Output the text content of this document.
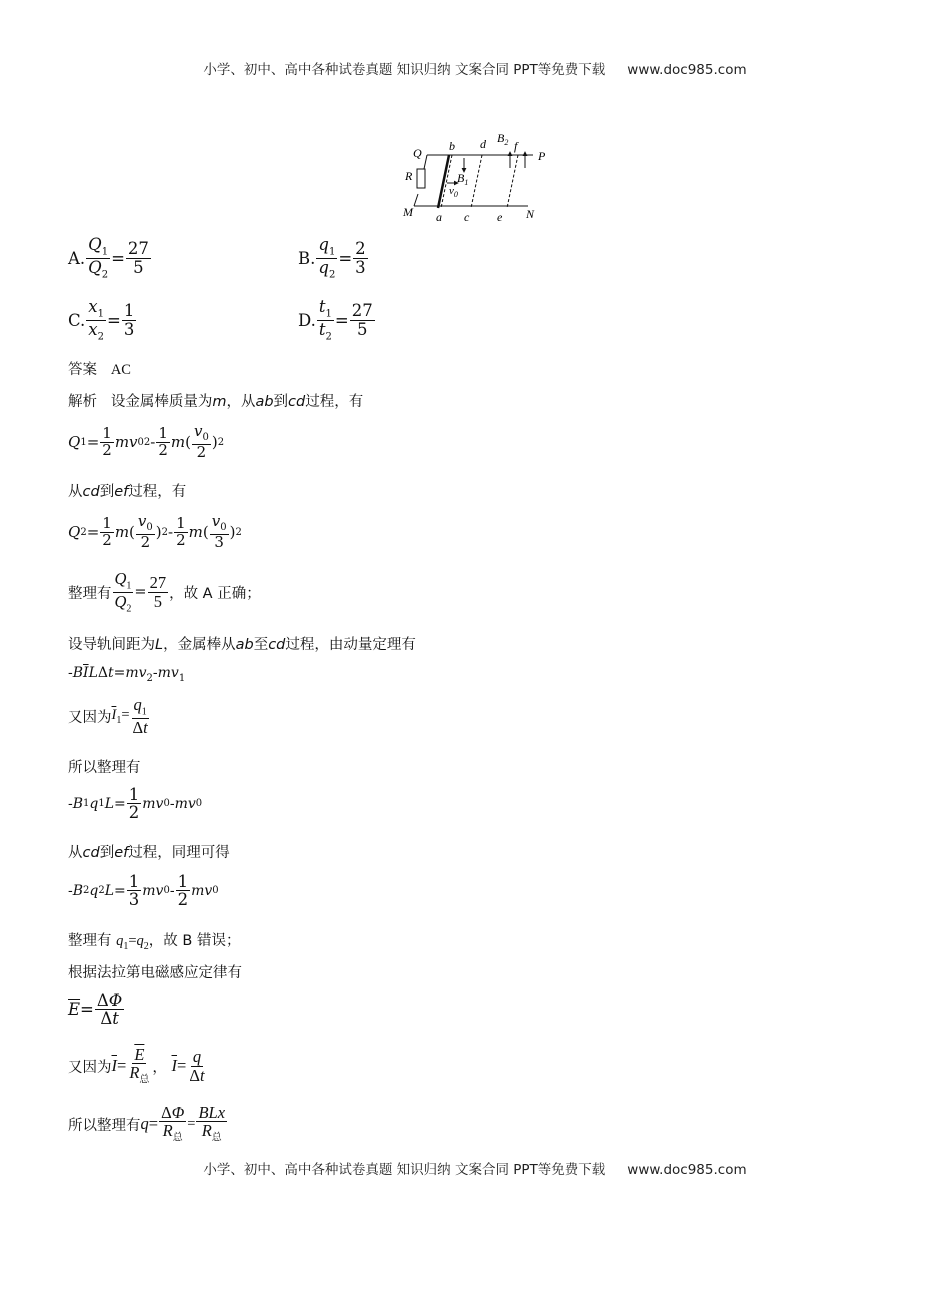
小学、初中、高中各种试卷真题 知识归纳 文案合同 PPT等免费下载 www.doc985.com
Q	P
M	N
R
a
b
c
d
e
f
$B_1$
$B_2$
$v_0$
A. $\frac{Q_1}{Q_2} = \frac{27}{5}$	B. $\frac{q_1}{q_2} = \frac{2}{3}$
C. $\frac{x_1}{x_2} = \frac{1}{3}$	D. $\frac{t_1}{t_2} = \frac{27}{5}$
答案 AC
解析 设金属棒质量为m，从ab到cd过程，有
Q $1 = \frac{1}{2}$ mv 0 $2 - \frac{1}{2}$ m ( $\frac{v_0}{2}$ ) 2
从cd到ef过程，有
Q $2 = \frac{1}{2}$ m ( $\frac{v_0}{2}$ ) $2 - \frac{1}{2}$ m ( $\frac{v_0}{3}$ ) 2
整理有 $\frac{Q_1}{Q_2} = \frac{27}{5}$ ，故 A 正确；
设导轨间距为L，金属棒从ab至cd过程，由动量定理有
$-B\overline{I}L\Delta t=mv_2-mv_1$
又因为 $\overline{I}_1= \frac{q_1}{\Delta t}$
所以整理有
- B 1 q 1 $L = \frac{1}{2}$ mv 0 - mv 0
从cd到ef过程，同理可得
- B 2 q 2 $L = \frac{1}{3}$ mv $0 - \frac{1}{2}$ mv 0
整理有 $q_1=q_2$，故 B 错误；
根据法拉第电磁感应定律有
$\overline{E} = \frac{\Delta\Phi}{\Delta t}$
又因为 $\overline{I}= \frac{\overline{E}}{R_总}$ ，
$\overline{I}= \frac{q}{\Delta t}$
所以整理有 $q= \frac{\Delta\Phi}{R_总} = \frac{\text{BLx}}{R_总}$
小学、初中、高中各种试卷真题 知识归纳 文案合同 PPT等免费下载 www.doc985.com
